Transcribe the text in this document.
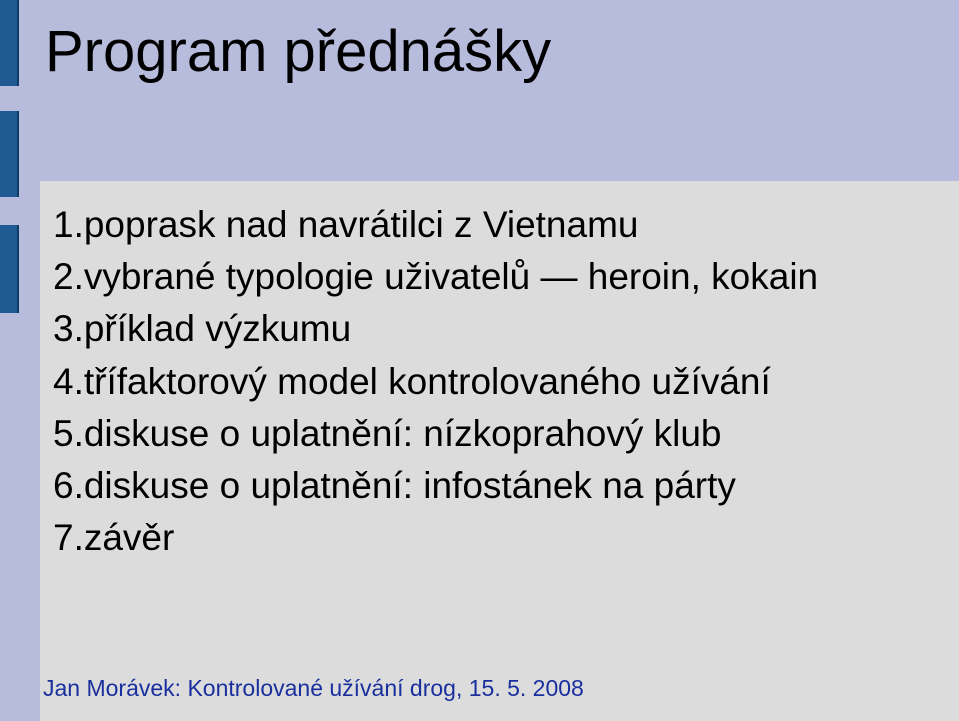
Program přednášky
1.poprask nad navrátilci z Vietnamu
2.vybrané typologie uživatelů — heroin, kokain
3.příklad výzkumu
4.třífaktorový model kontrolovaného užívání
5.diskuse o uplatnění: nízkoprahový klub
6.diskuse o uplatnění: infostánek na párty
7.závěr
Jan Morávek: Kontrolované užívání drog, 15. 5. 2008
